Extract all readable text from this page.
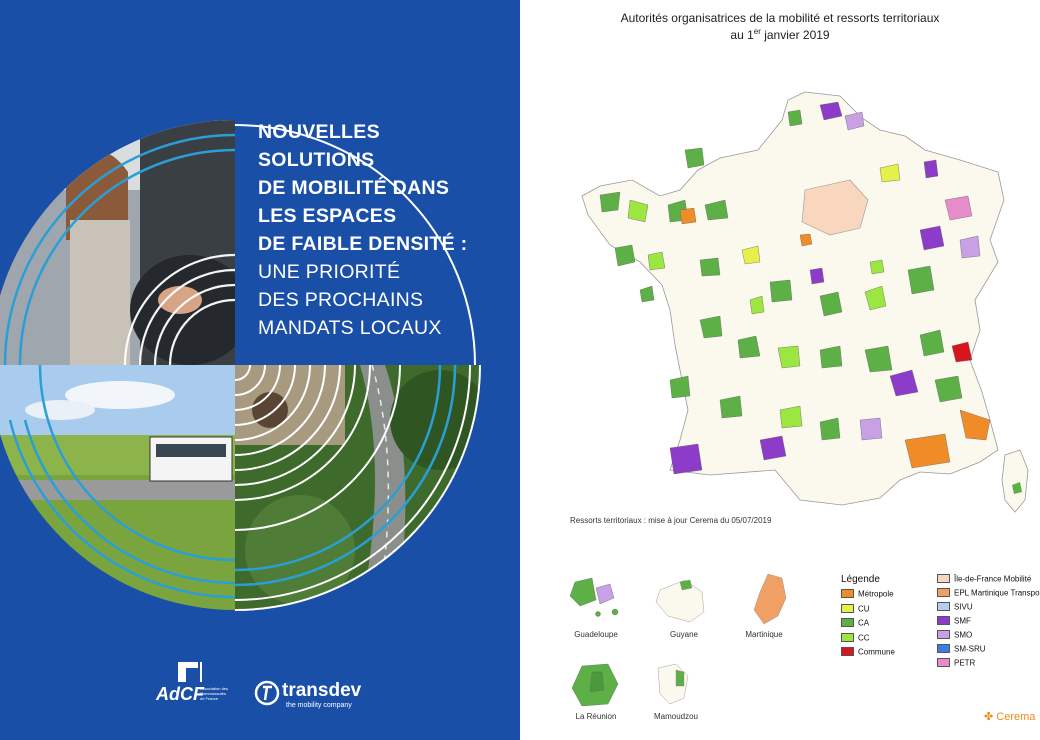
NOUVELLES
SOLUTIONS
DE MOBILITÉ DANS
LES ESPACES
DE FAIBLE DENSITÉ :
UNE PRIORITÉ
DES PROCHAINS
MANDATS LOCAUX
AdCF
Association des Communautés de France	transdev
the mobility company
Autorités organisatrices de la mobilité et ressorts territoriaux
au 1er janvier 2019
Ressorts territoriaux : mise à jour Cerema du 05/07/2019
Guadeloupe	Guyane	Martinique
La Réunion	Mamoudzou
Légende
Métropole
CU
CA
CC
Commune
Île-de-France Mobilité
EPL Martinique Transpo
SIVU
SMF
SMO
SM-SRU
PETR
✤ Cerema
